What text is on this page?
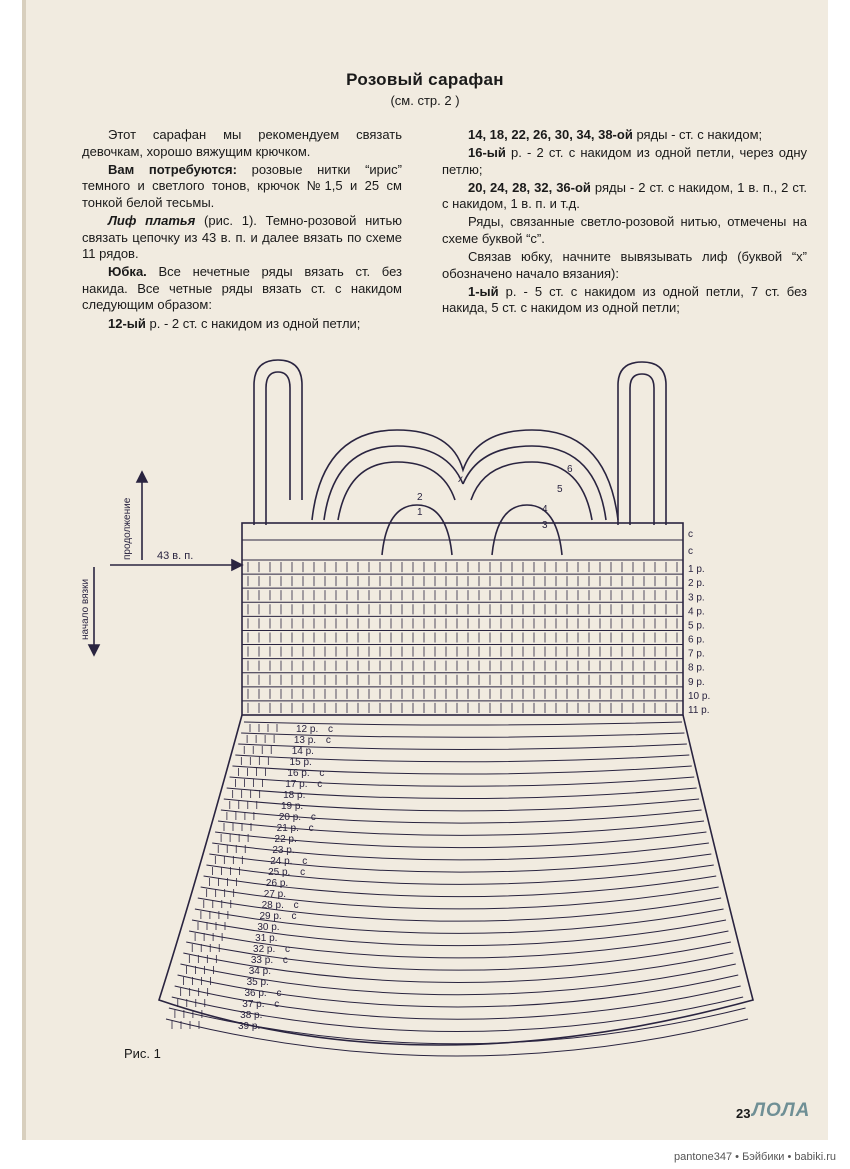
Розовый сарафан
(см. стр. 2 )

Этот сарафан мы рекомендуем связать девочкам, хорошо вяжущим крючком.

Вам потребуются: розовые нитки “ирис” темного и светлого тонов, крючок №1,5 и 25 см тонкой белой тесьмы.

Лиф платья (рис. 1). Темно-розовой нитью связать цепочку из 43 в. п. и далее вязать по схеме 11 рядов.

Юбка. Все нечетные ряды вязать ст. без накида. Все четные ряды вязать ст. с накидом следующим образом:

12-ый р. - 2 ст. с накидом из одной петли;

14, 18, 22, 26, 30, 34, 38-ой ряды - ст. с накидом;

16-ый р. - 2 ст. с накидом из одной петли, через одну петлю;

20, 24, 28, 32, 36-ой ряды - 2 ст. с накидом, 1 в. п., 2 ст. с накидом, 1 в. п. и т.д.

Ряды, связанные светло-розовой нитью, отмечены на схеме буквой “с”.

Связав юбку, начните вывязывать лиф (буквой “х” обозначено начало вязания):

1-ый р. - 5 ст. с накидом из одной петли, 7 ст. без накида, 5 ст. с накидом из одной петли;

с
с
1 р.
2 р.
3 р.
4 р.
5 р.
6 р.
7 р.
8 р.
9 р.
10 р.
11 р.
1
2
3
4
5
6
12 р. с
13 р. с
14 р.
15 р.
16 р. с
17 р. с
18 р.
19 р.
20 р. с
21 р. с
22 р.
23 р.
24 р. с
25 р. с
26 р.
27 р.
28 р. с
29 р. с
30 р.
31 р.
32 р. с
33 р. с
34 р.
35 р.
36 р. с
37 р. с
38 р.
39 р.
продолжение
начало вязки
43 в. п.
х
Рис. 1
23 ЛОЛА
pantone347 • Бэйбики • babiki.ru
